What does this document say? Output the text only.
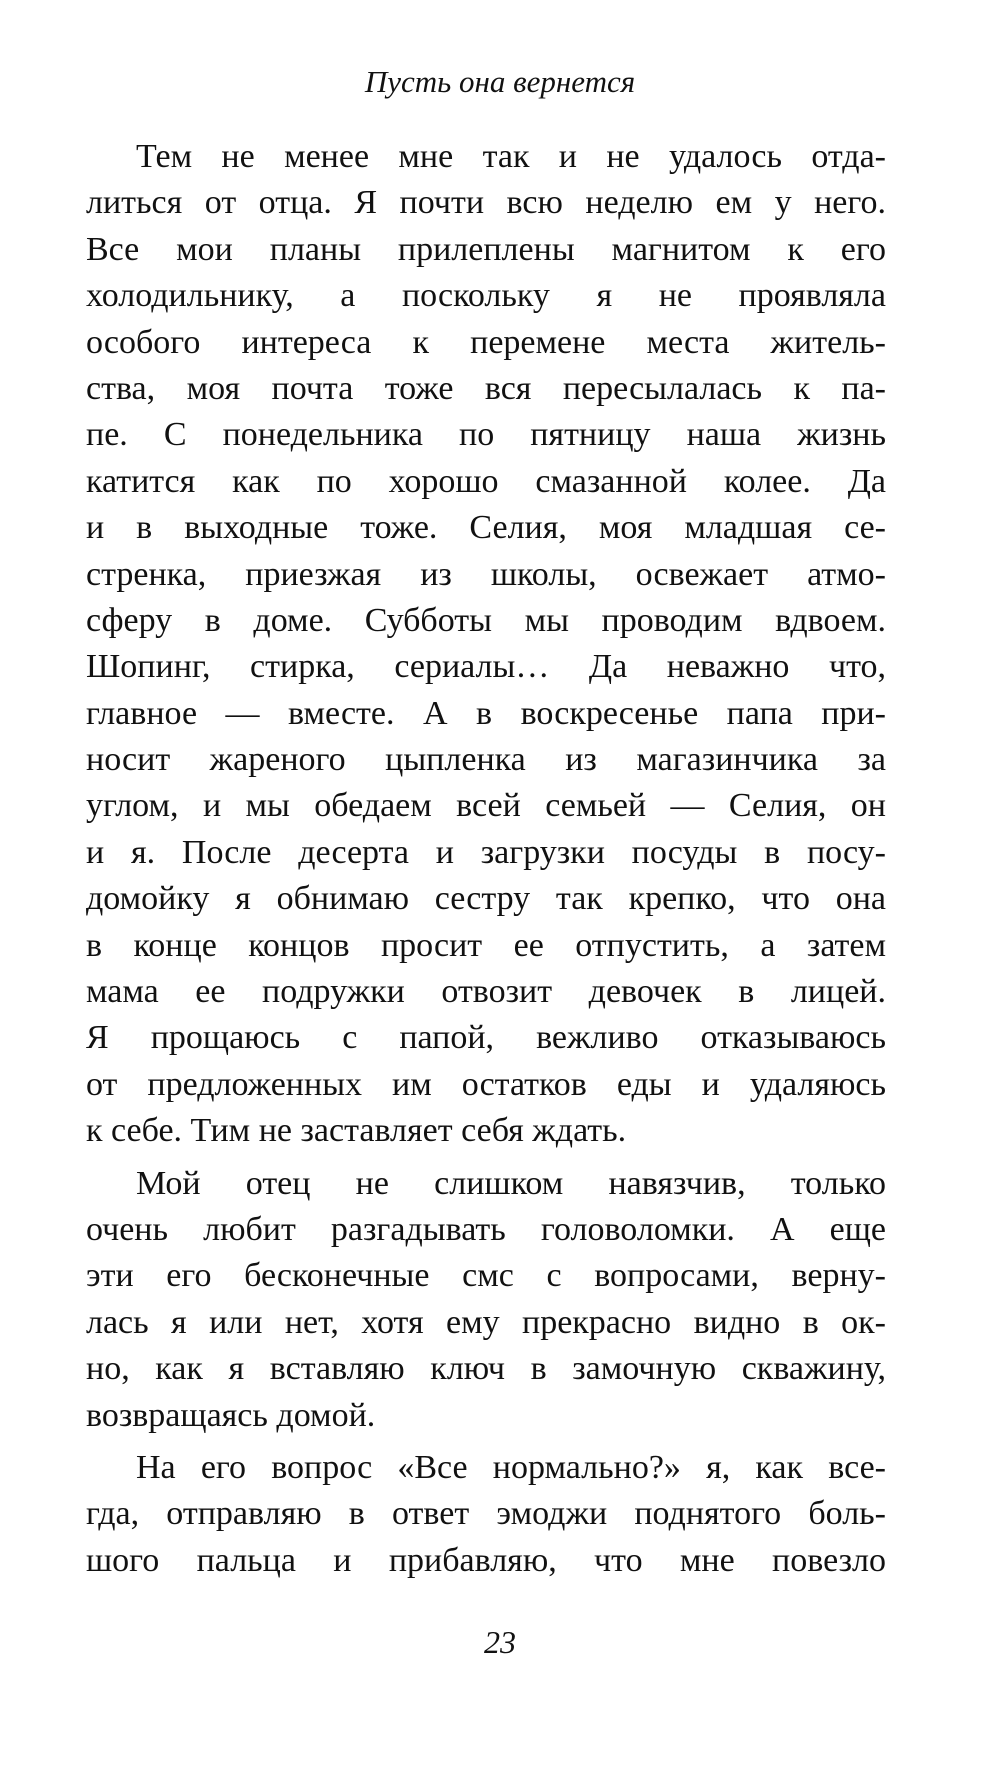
Пусть она вернется
Тем не менее мне так и не удалось отда-
литься от отца. Я почти всю неделю ем у него.
Все мои планы прилеплены магнитом к его
холодильнику, а поскольку я не проявляла
особого интереса к перемене места житель-
ства, моя почта тоже вся пересылалась к па-
пе. С понедельника по пятницу наша жизнь
катится как по хорошо смазанной колее. Да
и в выходные тоже. Селия, моя младшая се-
стренка, приезжая из школы, освежает атмо-
сферу в доме. Субботы мы проводим вдвоем.
Шопинг, стирка, сериалы… Да неважно что,
главное — вместе. А в воскресенье папа при-
носит жареного цыпленка из магазинчика за
углом, и мы обедаем всей семьей — Селия, он
и я. После десерта и загрузки посуды в посу-
домойку я обнимаю сестру так крепко, что она
в конце концов просит ее отпустить, а затем
мама ее подружки отвозит девочек в лицей.
Я прощаюсь с папой, вежливо отказываюсь
от предложенных им остатков еды и удаляюсь
к себе. Тим не заставляет себя ждать.
Мой отец не слишком навязчив, только
очень любит разгадывать головоломки. А еще
эти его бесконечные смс с вопросами, верну-
лась я или нет, хотя ему прекрасно видно в ок-
но, как я вставляю ключ в замочную скважину,
возвращаясь домой.
На его вопрос «Все нормально?» я, как все-
гда, отправляю в ответ эмоджи поднятого боль-
шого пальца и прибавляю, что мне повезло
23
